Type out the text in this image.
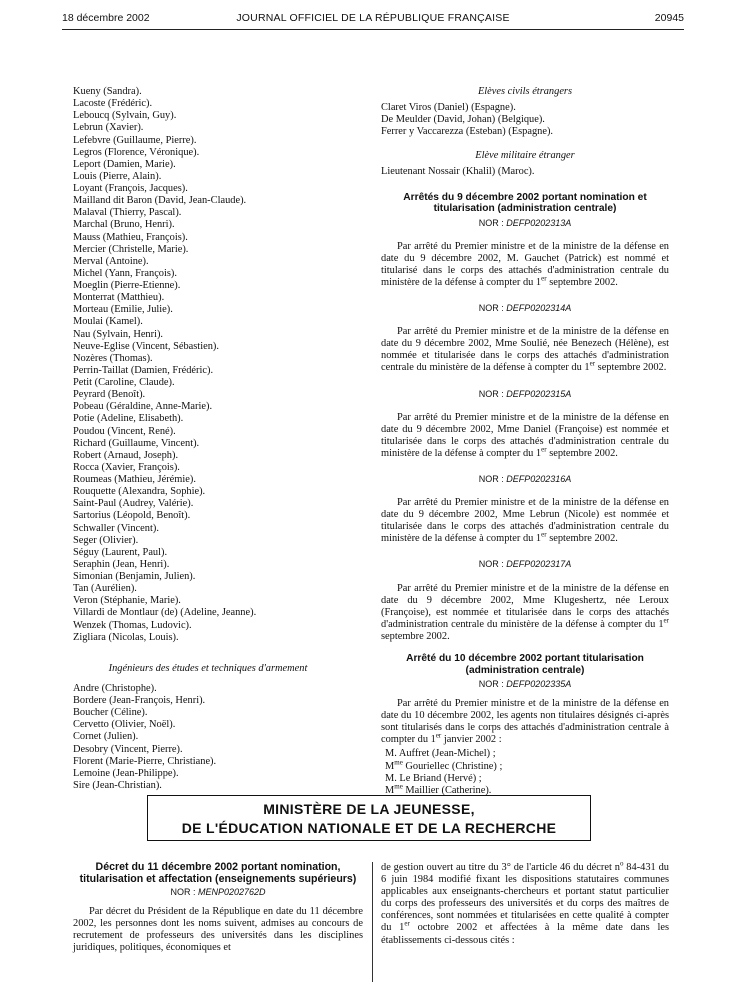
18 décembre 2002	JOURNAL OFFICIEL DE LA RÉPUBLIQUE FRANÇAISE	20945
Kueny (Sandra).
Lacoste (Frédéric).
Leboucq (Sylvain, Guy).
Lebrun (Xavier).
Lefebvre (Guillaume, Pierre).
Legros (Florence, Véronique).
Leport (Damien, Marie).
Louis (Pierre, Alain).
Loyant (François, Jacques).
Mailland dit Baron (David, Jean-Claude).
Malaval (Thierry, Pascal).
Marchal (Bruno, Henri).
Mauss (Mathieu, François).
Mercier (Christelle, Marie).
Merval (Antoine).
Michel (Yann, François).
Moeglin (Pierre-Etienne).
Monterrat (Matthieu).
Morteau (Emilie, Julie).
Moulai (Kamel).
Nau (Sylvain, Henri).
Neuve-Eglise (Vincent, Sébastien).
Nozères (Thomas).
Perrin-Taillat (Damien, Frédéric).
Petit (Caroline, Claude).
Peyrard (Benoît).
Pobeau (Géraldine, Anne-Marie).
Potie (Adeline, Elisabeth).
Poudou (Vincent, René).
Richard (Guillaume, Vincent).
Robert (Arnaud, Joseph).
Rocca (Xavier, François).
Roumeas (Mathieu, Jérémie).
Rouquette (Alexandra, Sophie).
Saint-Paul (Audrey, Valérie).
Sartorius (Léopold, Benoît).
Schwaller (Vincent).
Seger (Olivier).
Séguy (Laurent, Paul).
Seraphin (Jean, Henri).
Simonian (Benjamin, Julien).
Tan (Aurélien).
Veron (Stéphanie, Marie).
Villardi de Montlaur (de) (Adeline, Jeanne).
Wenzek (Thomas, Ludovic).
Zigliara (Nicolas, Louis).
Ingénieurs des études et techniques d'armement
Andre (Christophe).
Bordere (Jean-François, Henri).
Boucher (Céline).
Cervetto (Olivier, Noël).
Cornet (Julien).
Desobry (Vincent, Pierre).
Florent (Marie-Pierre, Christiane).
Lemoine (Jean-Philippe).
Sire (Jean-Christian).
Elèves civils étrangers
Claret Viros (Daniel) (Espagne).
De Meulder (David, Johan) (Belgique).
Ferrer y Vaccarezza (Esteban) (Espagne).
Elève militaire étranger
Lieutenant Nossair (Khalil) (Maroc).
Arrêtés du 9 décembre 2002 portant nomination et titularisation (administration centrale)
NOR : DEFP0202313A
Par arrêté du Premier ministre et de la ministre de la défense en date du 9 décembre 2002, M. Gauchet (Patrick) est nommé et titularisé dans le corps des attachés d'administration centrale du ministère de la défense à compter du 1er septembre 2002.
NOR : DEFP0202314A
Par arrêté du Premier ministre et de la ministre de la défense en date du 9 décembre 2002, Mme Soulié, née Benezech (Hélène), est nommée et titularisée dans le corps des attachés d'administration centrale du ministère de la défense à compter du 1er septembre 2002.
NOR : DEFP0202315A
Par arrêté du Premier ministre et de la ministre de la défense en date du 9 décembre 2002, Mme Daniel (Françoise) est nommée et titularisée dans le corps des attachés d'administration centrale du ministère de la défense à compter du 1er septembre 2002.
NOR : DEFP0202316A
Par arrêté du Premier ministre et de la ministre de la défense en date du 9 décembre 2002, Mme Lebrun (Nicole) est nommée et titularisée dans le corps des attachés d'administration centrale du ministère de la défense à compter du 1er septembre 2002.
NOR : DEFP0202317A
Par arrêté du Premier ministre et de la ministre de la défense en date du 9 décembre 2002, Mme Klugeshertz, née Leroux (Françoise), est nommée et titularisée dans le corps des attachés d'administration centrale du ministère de la défense à compter du 1er septembre 2002.
Arrêté du 10 décembre 2002 portant titularisation (administration centrale)
NOR : DEFP0202335A
Par arrêté du Premier ministre et de la ministre de la défense en date du 10 décembre 2002, les agents non titulaires désignés ci-après sont titularisés dans le corps des attachés d'administration centrale à compter du 1er janvier 2002 :
M. Auffret (Jean-Michel) ;
$M^{me}$ Gouriellec (Christine) ;
M. Le Briand (Hervé) ;
$M^{me}$ Maillier (Catherine).
MINISTÈRE DE LA JEUNESSE,
DE L'ÉDUCATION NATIONALE ET DE LA RECHERCHE
Décret du 11 décembre 2002 portant nomination, titularisation et affectation (enseignements supérieurs)
NOR : MENP0202762D
Par décret du Président de la République en date du 11 décembre 2002, les personnes dont les noms suivent, admises au concours de recrutement de professeurs des universités dans les disciplines juridiques, politiques, économiques et
de gestion ouvert au titre du 3° de l'article 46 du décret $n^o$ 84-431 du 6 juin 1984 modifié fixant les dispositions statutaires communes applicables aux enseignants-chercheurs et portant statut particulier du corps des professeurs des universités et du corps des maîtres de conférences, sont nommées et titularisées en cette qualité à compter du 1er octobre 2002 et affectées à la même date dans les établissements ci-dessous cités :
